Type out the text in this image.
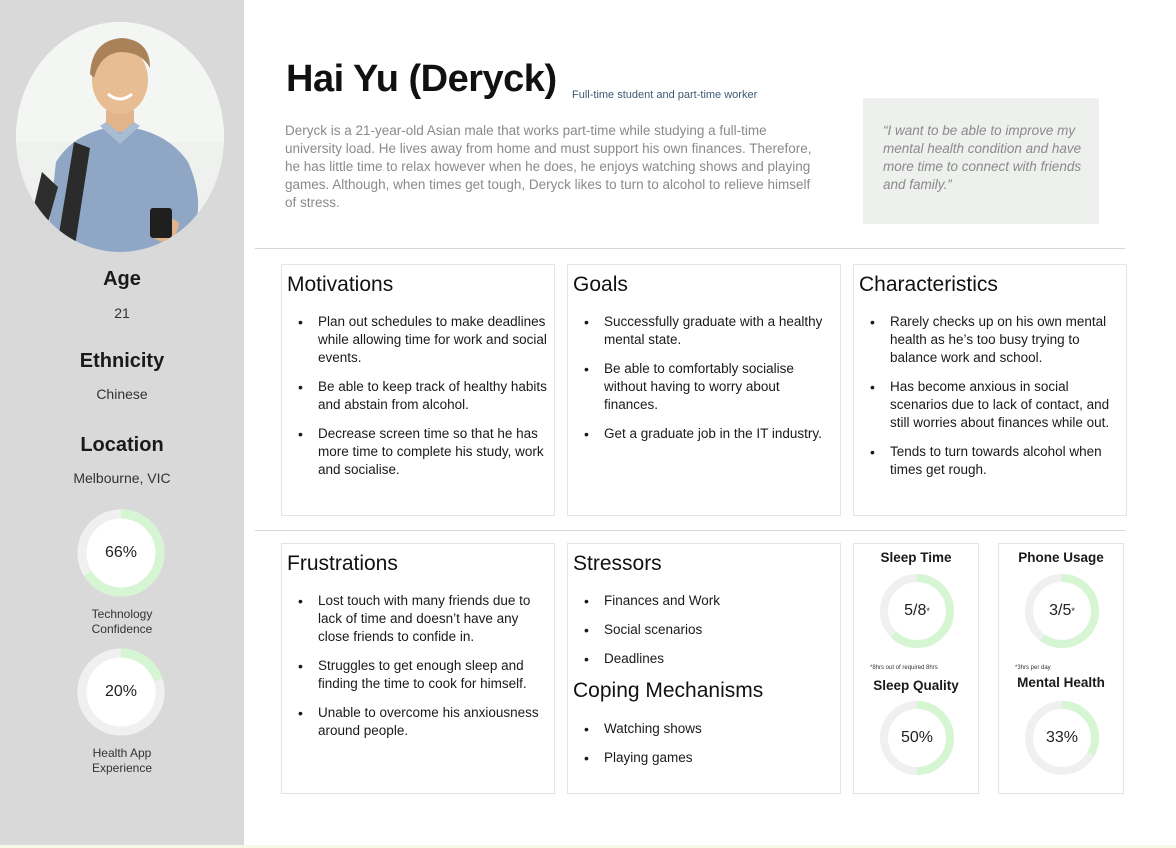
Age
21
Ethnicity
Chinese
Location
Melbourne, VIC
66%
Technology
Confidence
20%
Health App
Experience
Hai Yu (Deryck) Full-time student and part-time worker
Deryck is a 21-year-old Asian male that works part-time while studying a full-time university load. He lives away from home and must support his own finances. Therefore, he has little time to relax however when he does, he enjoys watching shows and playing games. Although, when times get tough, Deryck likes to turn to alcohol to relieve himself of stress.
“I want to be able to improve my mental health condition and have more time to connect with friends and family.”
Motivations
• Plan out schedules to make deadlines while allowing time for work and social events.
• Be able to keep track of healthy habits and abstain from alcohol.
• Decrease screen time so that he has more time to complete his study, work and socialise.
Goals
• Successfully graduate with a healthy mental state.
• Be able to comfortably socialise without having to worry about finances.
• Get a graduate job in the IT industry.
Characteristics
• Rarely checks up on his own mental health as he’s too busy trying to balance work and school.
• Has become anxious in social scenarios due to lack of contact, and still worries about finances while out.
• Tends to turn towards alcohol when times get rough.
Frustrations
• Lost touch with many friends due to lack of time and doesn’t have any close friends to confide in.
• Struggles to get enough sleep and finding the time to cook for himself.
• Unable to overcome his anxiousness around people.
Stressors
• Finances and Work
• Social scenarios
• Deadlines
Coping Mechanisms
• Watching shows
• Playing games
Sleep Time
5/8 *
*8hrs out of required 8hrs
Sleep Quality
50%
Phone Usage
3/5 *
*3hrs per day
Mental Health
33%
